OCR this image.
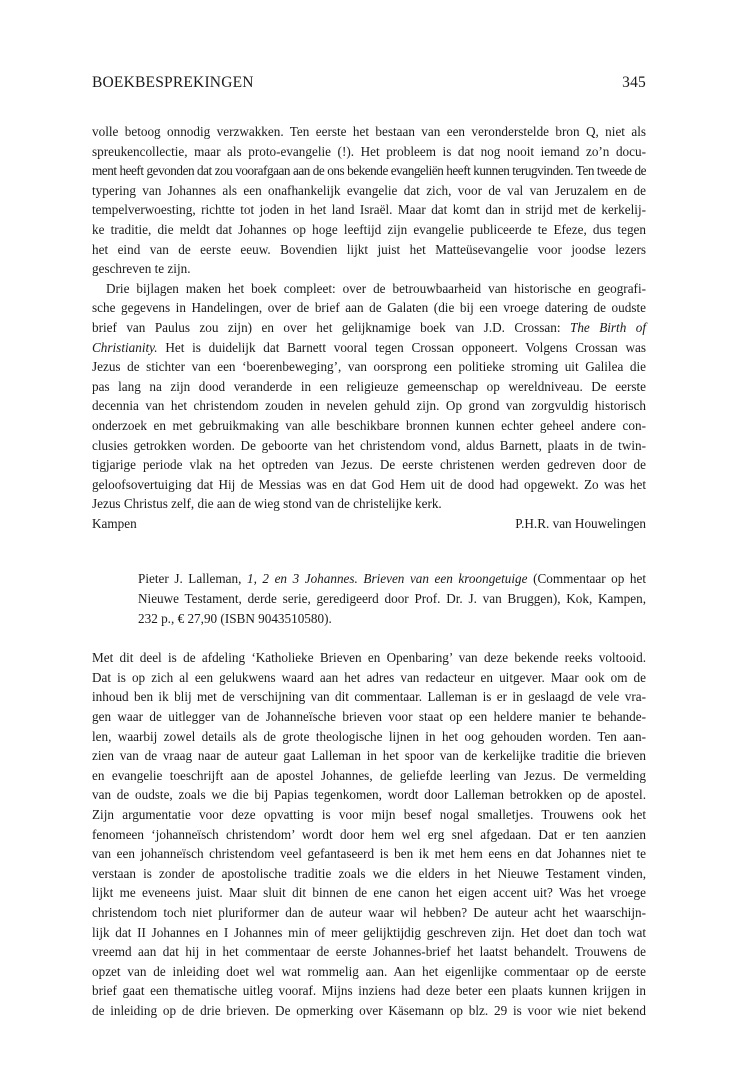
BOEKBESPREKINGEN	345
volle betoog onnodig verzwakken. Ten eerste het bestaan van een veronderstelde bron Q, niet als
spreukencollectie, maar als proto-evangelie (!). Het probleem is dat nog nooit iemand zo’n docu-
ment heeft gevonden dat zou voorafgaan aan de ons bekende evangeliën heeft kunnen terugvinden. Ten tweede de
typering van Johannes als een onafhankelijk evangelie dat zich, voor de val van Jeruzalem en de
tempelverwoesting, richtte tot joden in het land Israël. Maar dat komt dan in strijd met de kerkelij-
ke traditie, die meldt dat Johannes op hoge leeftijd zijn evangelie publiceerde te Efeze, dus tegen
het eind van de eerste eeuw. Bovendien lijkt juist het Matteüsevangelie voor joodse lezers
geschreven te zijn.
Drie bijlagen maken het boek compleet: over de betrouwbaarheid van historische en geografi-
sche gegevens in Handelingen, over de brief aan de Galaten (die bij een vroege datering de oudste
brief van Paulus zou zijn) en over het gelijknamige boek van J.D. Crossan: The Birth of
Christianity. Het is duidelijk dat Barnett vooral tegen Crossan opponeert. Volgens Crossan was
Jezus de stichter van een ‘boerenbeweging’, van oorsprong een politieke stroming uit Galilea die
pas lang na zijn dood veranderde in een religieuze gemeenschap op wereldniveau. De eerste
decennia van het christendom zouden in nevelen gehuld zijn. Op grond van zorgvuldig historisch
onderzoek en met gebruikmaking van alle beschikbare bronnen kunnen echter geheel andere con-
clusies getrokken worden. De geboorte van het christendom vond, aldus Barnett, plaats in de twin-
tigjarige periode vlak na het optreden van Jezus. De eerste christenen werden gedreven door de
geloofsovertuiging dat Hij de Messias was en dat God Hem uit de dood had opgewekt. Zo was het
Jezus Christus zelf, die aan de wieg stond van de christelijke kerk.
Kampen	P.H.R. van Houwelingen
Pieter J. Lalleman, 1, 2 en 3 Johannes. Brieven van een kroongetuige (Commentaar op het
Nieuwe Testament, derde serie, geredigeerd door Prof. Dr. J. van Bruggen), Kok, Kampen,
232 p., € 27,90 (ISBN 9043510580).
Met dit deel is de afdeling ‘Katholieke Brieven en Openbaring’ van deze bekende reeks voltooid.
Dat is op zich al een gelukwens waard aan het adres van redacteur en uitgever. Maar ook om de
inhoud ben ik blij met de verschijning van dit commentaar. Lalleman is er in geslaagd de vele vra-
gen waar de uitlegger van de Johanneïsche brieven voor staat op een heldere manier te behande-
len, waarbij zowel details als de grote theologische lijnen in het oog gehouden worden. Ten aan-
zien van de vraag naar de auteur gaat Lalleman in het spoor van de kerkelijke traditie die brieven
en evangelie toeschrijft aan de apostel Johannes, de geliefde leerling van Jezus. De vermelding
van de oudste, zoals we die bij Papias tegenkomen, wordt door Lalleman betrokken op de apostel.
Zijn argumentatie voor deze opvatting is voor mijn besef nogal smalletjes. Trouwens ook het
fenomeen ‘johanneïsch christendom’ wordt door hem wel erg snel afgedaan. Dat er ten aanzien
van een johanneïsch christendom veel gefantaseerd is ben ik met hem eens en dat Johannes niet te
verstaan is zonder de apostolische traditie zoals we die elders in het Nieuwe Testament vinden,
lijkt me eveneens juist. Maar sluit dit binnen de ene canon het eigen accent uit? Was het vroege
christendom toch niet pluriformer dan de auteur waar wil hebben? De auteur acht het waarschijn-
lijk dat II Johannes en I Johannes min of meer gelijktijdig geschreven zijn. Het doet dan toch wat
vreemd aan dat hij in het commentaar de eerste Johannes-brief het laatst behandelt. Trouwens de
opzet van de inleiding doet wel wat rommelig aan. Aan het eigenlijke commentaar op de eerste
brief gaat een thematische uitleg vooraf. Mijns inziens had deze beter een plaats kunnen krijgen in
de inleiding op de drie brieven. De opmerking over Käsemann op blz. 29 is voor wie niet bekend
